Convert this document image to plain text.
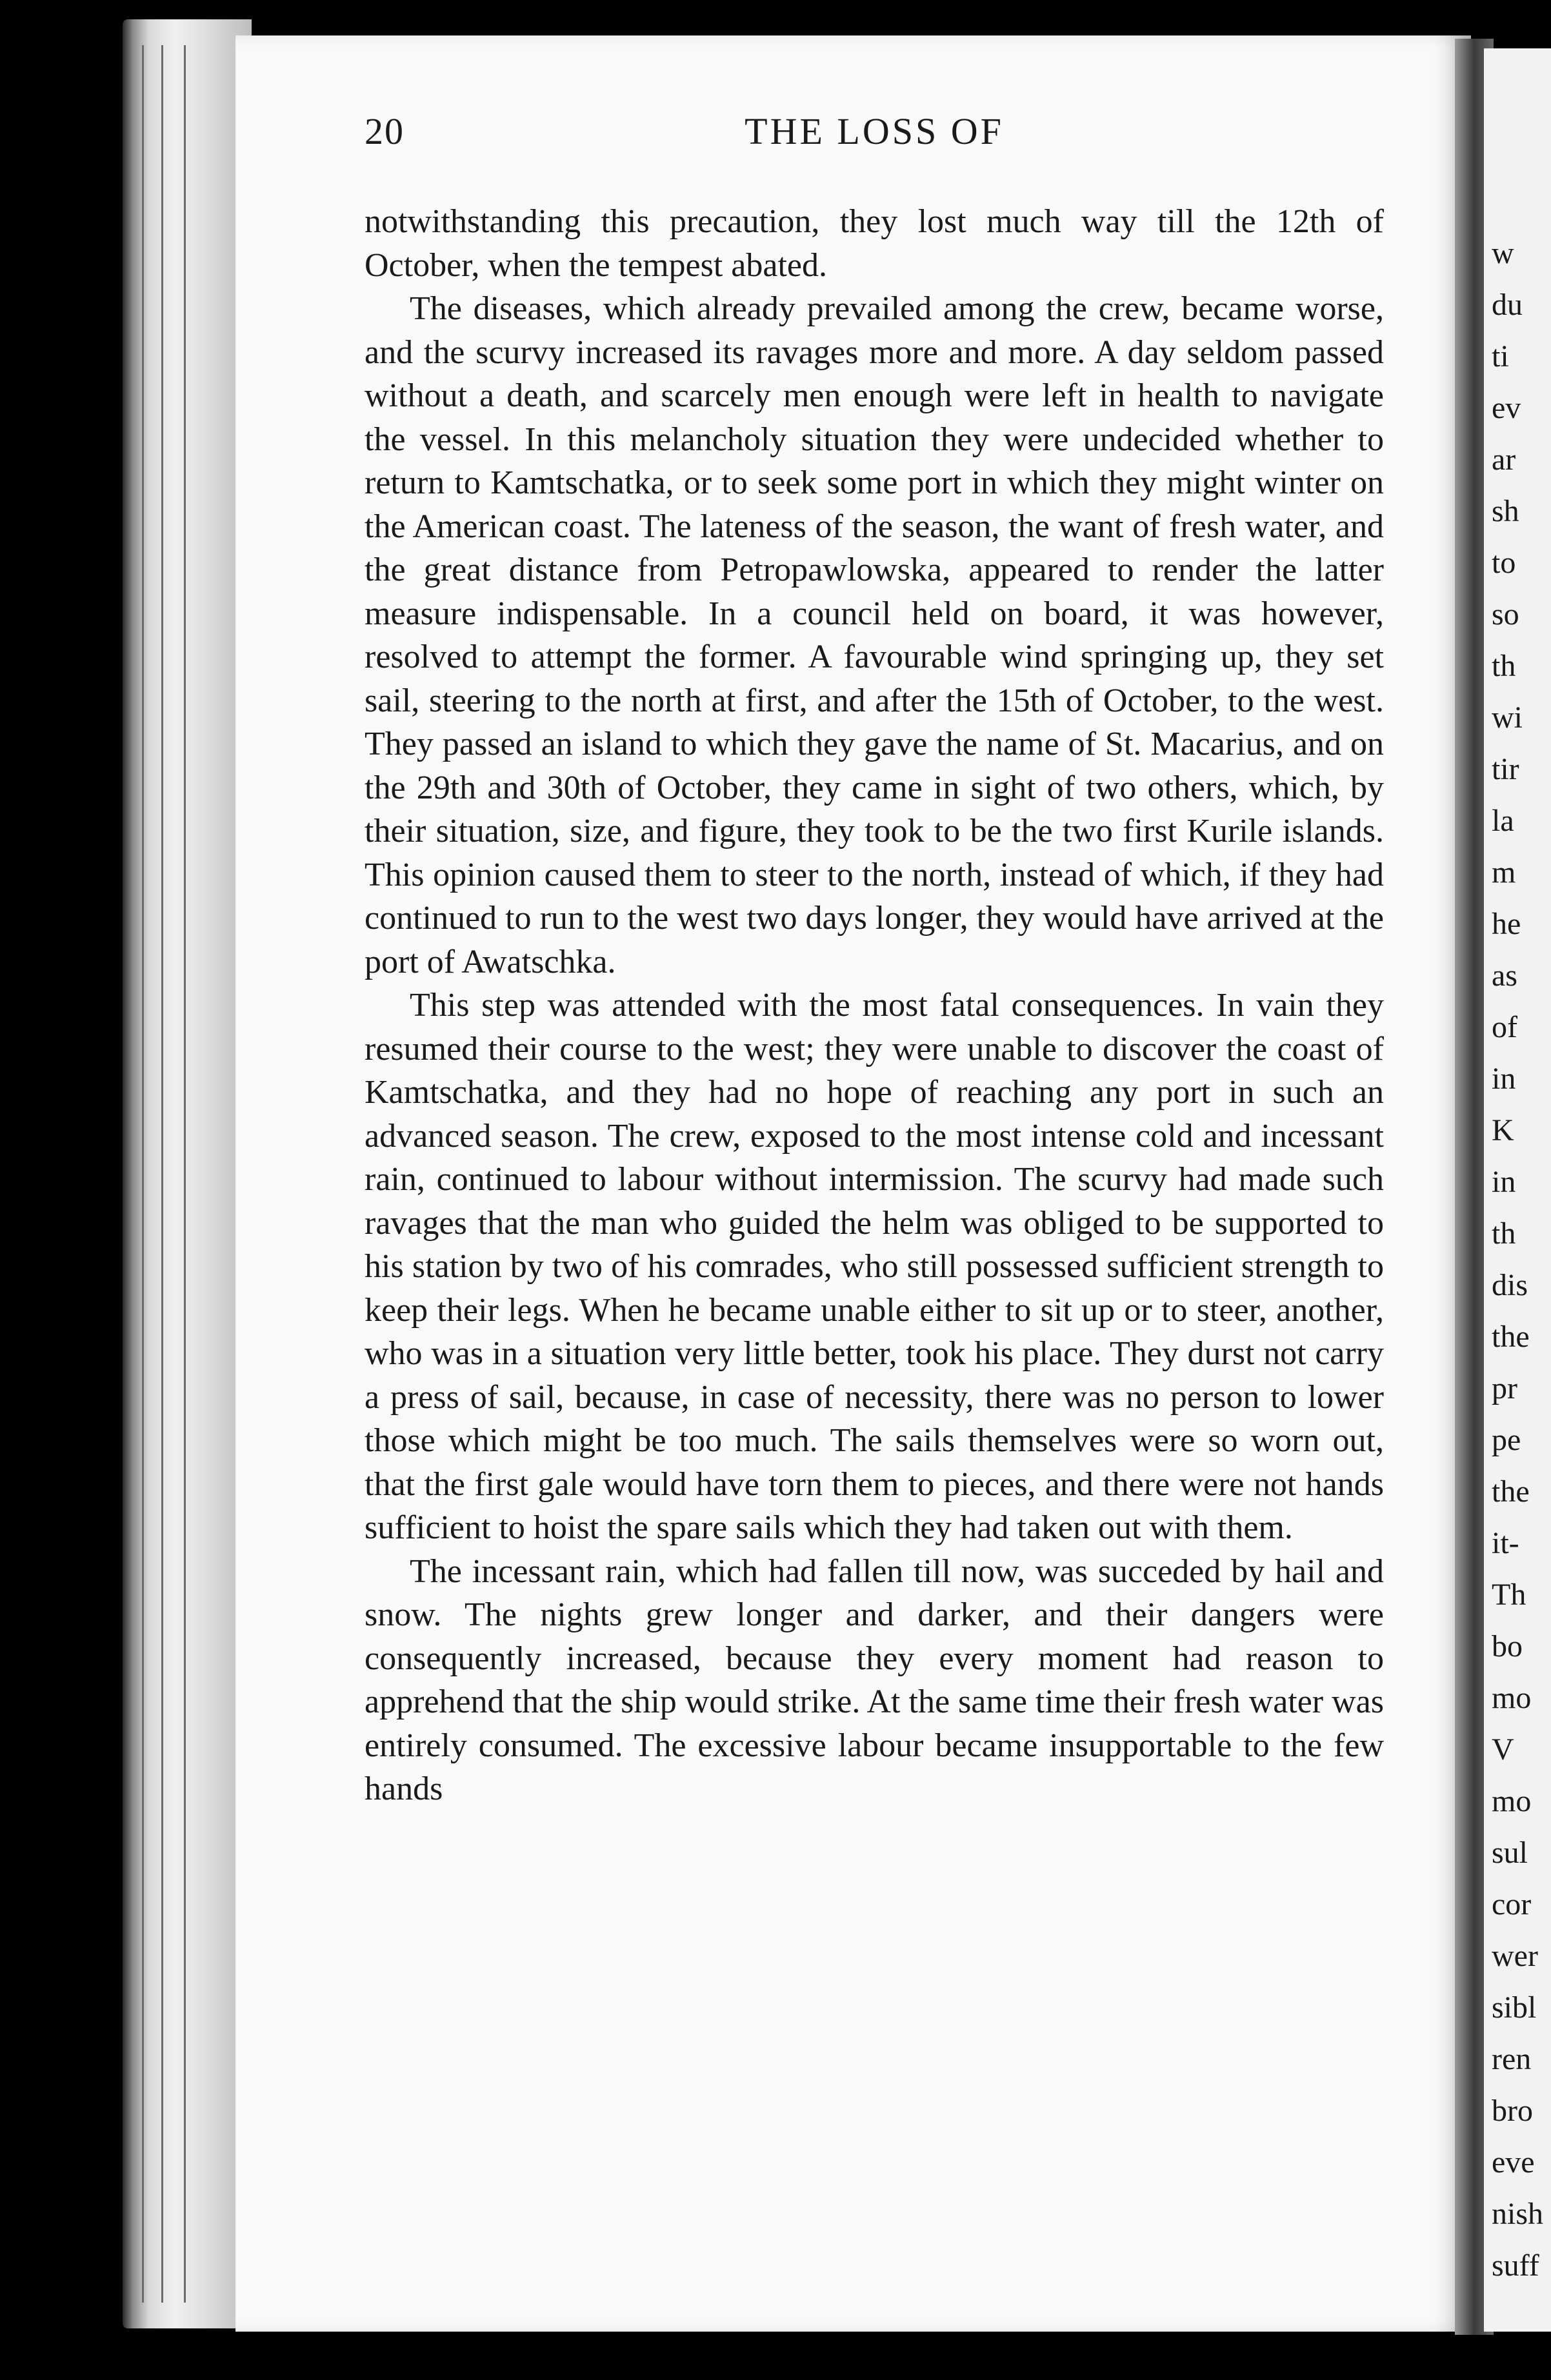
20	THE LOSS OF

notwithstanding this precaution, they lost much way till the 12th of October, when the tempest abated.

The diseases, which already prevailed among the crew, became worse, and the scurvy increased its ravages more and more. A day seldom passed without a death, and scarcely men enough were left in health to navigate the vessel. In this melancholy situation they were undecided whether to return to Kamtschatka, or to seek some port in which they might winter on the American coast. The lateness of the season, the want of fresh water, and the great distance from Petropawlowska, appeared to render the latter measure indispensable. In a council held on board, it was however, resolved to attempt the former. A favourable wind springing up, they set sail, steering to the north at first, and after the 15th of October, to the west. They passed an island to which they gave the name of St. Macarius, and on the 29th and 30th of October, they came in sight of two others, which, by their situation, size, and figure, they took to be the two first Kurile islands. This opinion caused them to steer to the north, instead of which, if they had continued to run to the west two days longer, they would have arrived at the port of Awatschka.

This step was attended with the most fatal consequences. In vain they resumed their course to the west; they were unable to discover the coast of Kamtschatka, and they had no hope of reaching any port in such an advanced season. The crew, exposed to the most intense cold and incessant rain, continued to labour without intermission. The scurvy had made such ravages that the man who guided the helm was obliged to be supported to his station by two of his comrades, who still possessed sufficient strength to keep their legs. When he became unable either to sit up or to steer, another, who was in a situation very little better, took his place. They durst not carry a press of sail, because, in case of necessity, there was no person to lower those which might be too much. The sails themselves were so worn out, that the first gale would have torn them to pieces, and there were not hands sufficient to hoist the spare sails which they had taken out with them.

The incessant rain, which had fallen till now, was succeded by hail and snow. The nights grew longer and darker, and their dangers were consequently increased, because they every moment had reason to apprehend that the ship would strike. At the same time their fresh water was entirely consumed. The excessive labour became insupportable to the few hands

w
du
ti
ev
ar
sh
to
so
th
wi
tir
la
m
he
as
of
in
K
in
th
dis
the
pr
pe
the
it-
Th
bo
mo
V
mo
sul
cor
wer
sibl
ren
bro
eve
nish
suff
